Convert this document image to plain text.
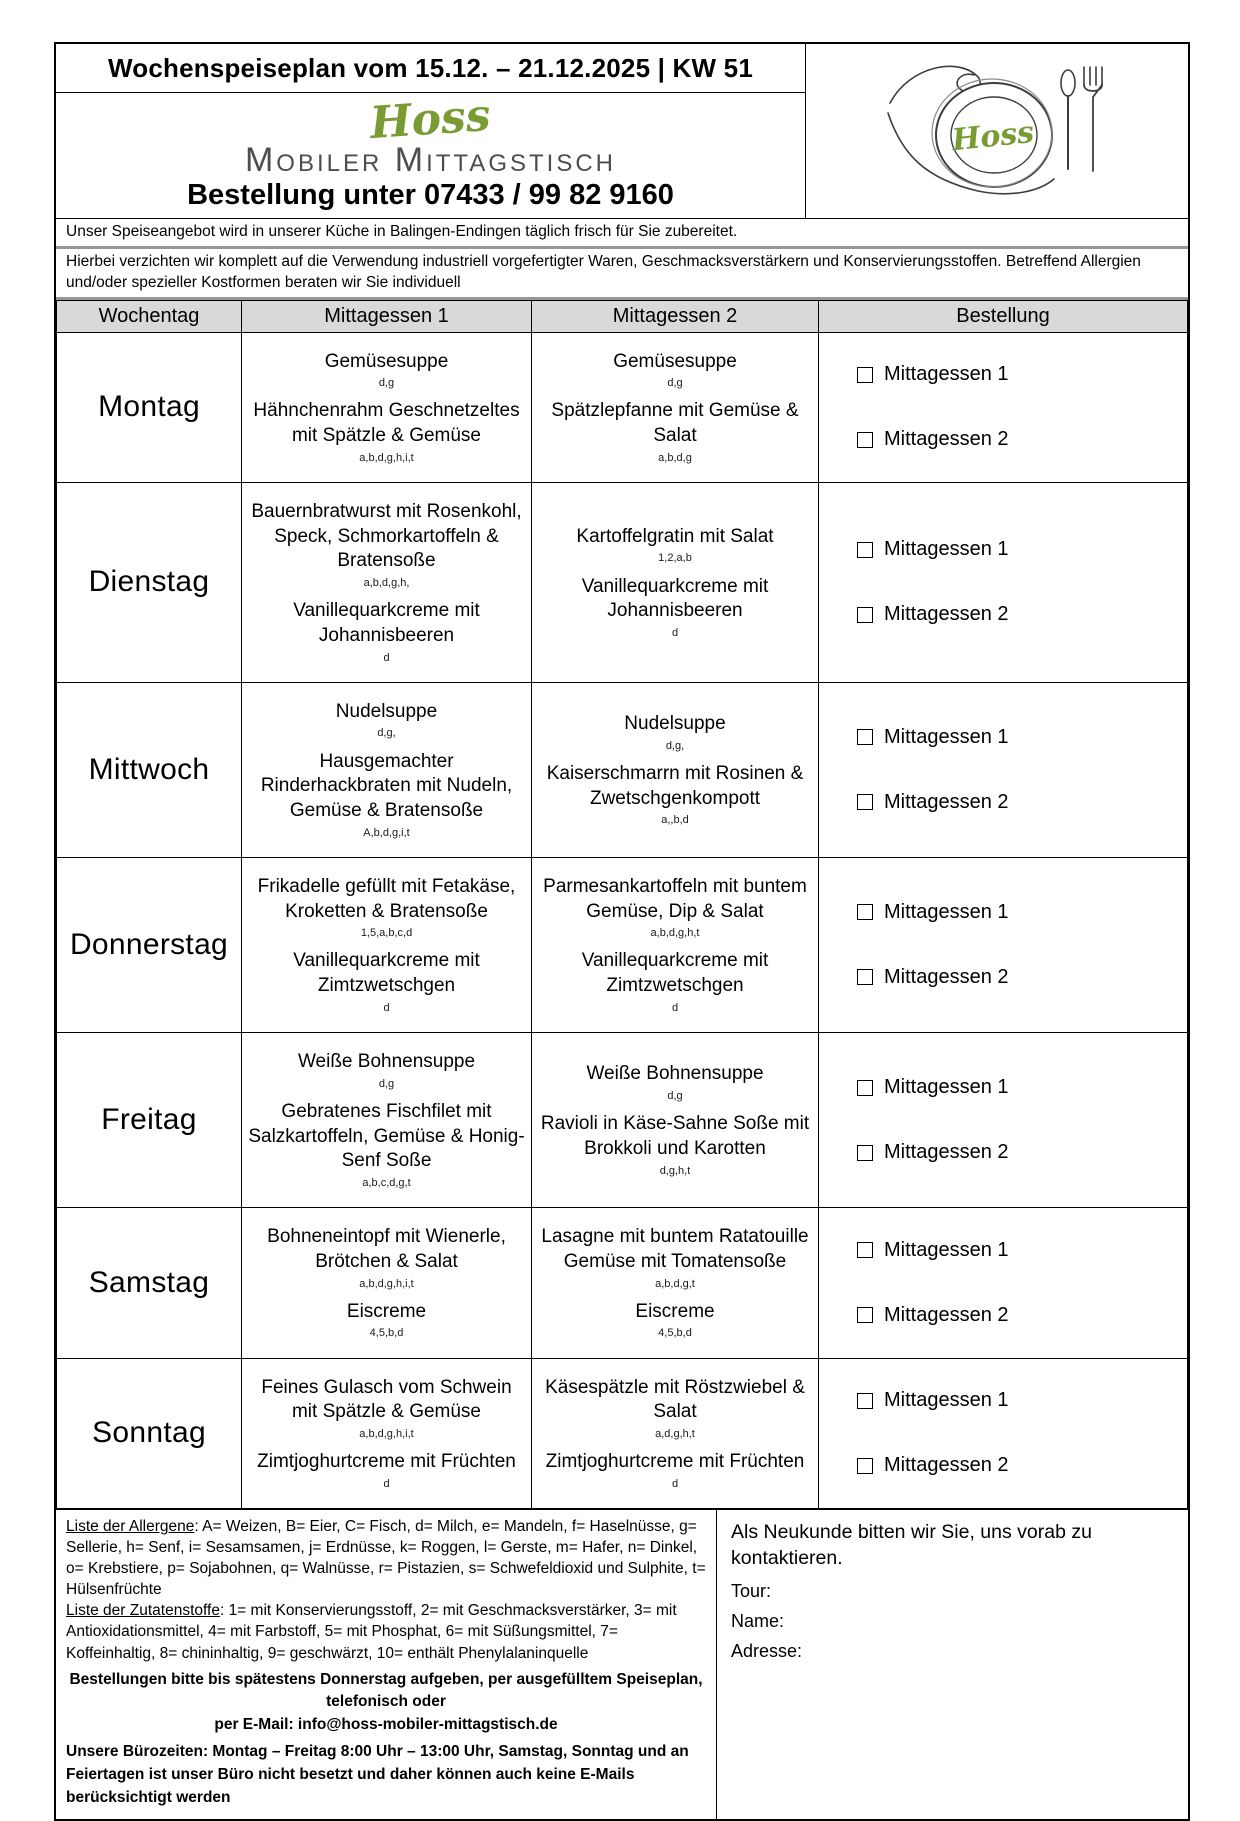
Wochenspeiseplan vom 15.12. – 21.12.2025 | KW 51
Hoss
Mobiler Mittagstisch
Bestellung unter 07433 / 99 82 9160
Hoss
Unser Speiseangebot wird in unserer Küche in Balingen-Endingen täglich frisch für Sie zubereitet.
Hierbei verzichten wir komplett auf die Verwendung industriell vorgefertigter Waren, Geschmacksverstärkern und Konservierungsstoffen. Betreffend Allergien und/oder spezieller Kostformen beraten wir Sie individuell
Wochentag	Mittagessen 1	Mittagessen 2	Bestellung
Montag	
Gemüsesuppe
d,g
Hähnchenrahm Geschnetzeltes mit Spätzle & Gemüse
a,b,d,g,h,i,t

Gemüsesuppe
d,g
Spätzlepfanne mit Gemüse & Salat
a,b,d,g

Mittagessen 1
Mittagessen 2

Dienstag	
Bauernbratwurst mit Rosenkohl, Speck, Schmorkartoffeln & Bratensoße
a,b,d,g,h,
Vanillequarkcreme mit Johannisbeeren
d

Kartoffelgratin mit Salat
1,2,a,b
Vanillequarkcreme mit Johannisbeeren
d

Mittagessen 1
Mittagessen 2

Mittwoch	
Nudelsuppe
d,g,
Hausgemachter Rinderhackbraten mit Nudeln, Gemüse & Bratensoße
A,b,d,g,i,t

Nudelsuppe
d,g,
Kaiserschmarrn mit Rosinen & Zwetschgenkompott
a,,b,d

Mittagessen 1
Mittagessen 2

Donnerstag	
Frikadelle gefüllt mit Fetakäse, Kroketten & Bratensoße
1,5,a,b,c,d
Vanillequarkcreme mit Zimtzwetschgen
d

Parmesankartoffeln mit buntem Gemüse, Dip & Salat
a,b,d,g,h,t
Vanillequarkcreme mit Zimtzwetschgen
d

Mittagessen 1
Mittagessen 2

Freitag	
Weiße Bohnensuppe
d,g
Gebratenes Fischfilet mit Salzkartoffeln, Gemüse & Honig-Senf Soße
a,b,c,d,g,t

Weiße Bohnensuppe
d,g
Ravioli in Käse-Sahne Soße mit Brokkoli und Karotten
d,g,h,t

Mittagessen 1
Mittagessen 2

Samstag	
Bohneneintopf mit Wienerle, Brötchen & Salat
a,b,d,g,h,i,t
Eiscreme
4,5,b,d

Lasagne mit buntem Ratatouille Gemüse mit Tomatensoße
a,b,d,g,t
Eiscreme
4,5,b,d

Mittagessen 1
Mittagessen 2

Sonntag	
Feines Gulasch vom Schwein mit Spätzle & Gemüse
a,b,d,g,h,i,t
Zimtjoghurtcreme mit Früchten
d

Käsespätzle mit Röstzwiebel & Salat
a,d,g,h,t
Zimtjoghurtcreme mit Früchten
d

Mittagessen 1
Mittagessen 2
Liste der Allergene: A= Weizen, B= Eier, C= Fisch, d= Milch, e= Mandeln, f= Haselnüsse, g= Sellerie, h= Senf, i= Sesamsamen, j= Erdnüsse, k= Roggen, l= Gerste, m= Hafer, n= Dinkel, o= Krebstiere, p= Sojabohnen, q= Walnüsse, r= Pistazien, s= Schwefeldioxid und Sulphite, t= Hülsenfrüchte
Liste der Zutatenstoffe: 1= mit Konservierungsstoff, 2= mit Geschmacksverstärker, 3= mit Antioxidationsmittel, 4= mit Farbstoff, 5= mit Phosphat, 6= mit Süßungsmittel, 7= Koffeinhaltig, 8= chininhaltig, 9= geschwärzt, 10= enthält Phenylalaninquelle
Bestellungen bitte bis spätestens Donnerstag aufgeben, per ausgefülltem Speiseplan, telefonisch oder
per E-Mail: info@hoss-mobiler-mittagstisch.de
Unsere Bürozeiten: Montag – Freitag 8:00 Uhr – 13:00 Uhr, Samstag, Sonntag und an Feiertagen ist unser Büro nicht besetzt und daher können auch keine E-Mails berücksichtigt werden
Als Neukunde bitten wir Sie, uns vorab zu kontaktieren.
Tour:
Name:
Adresse:
